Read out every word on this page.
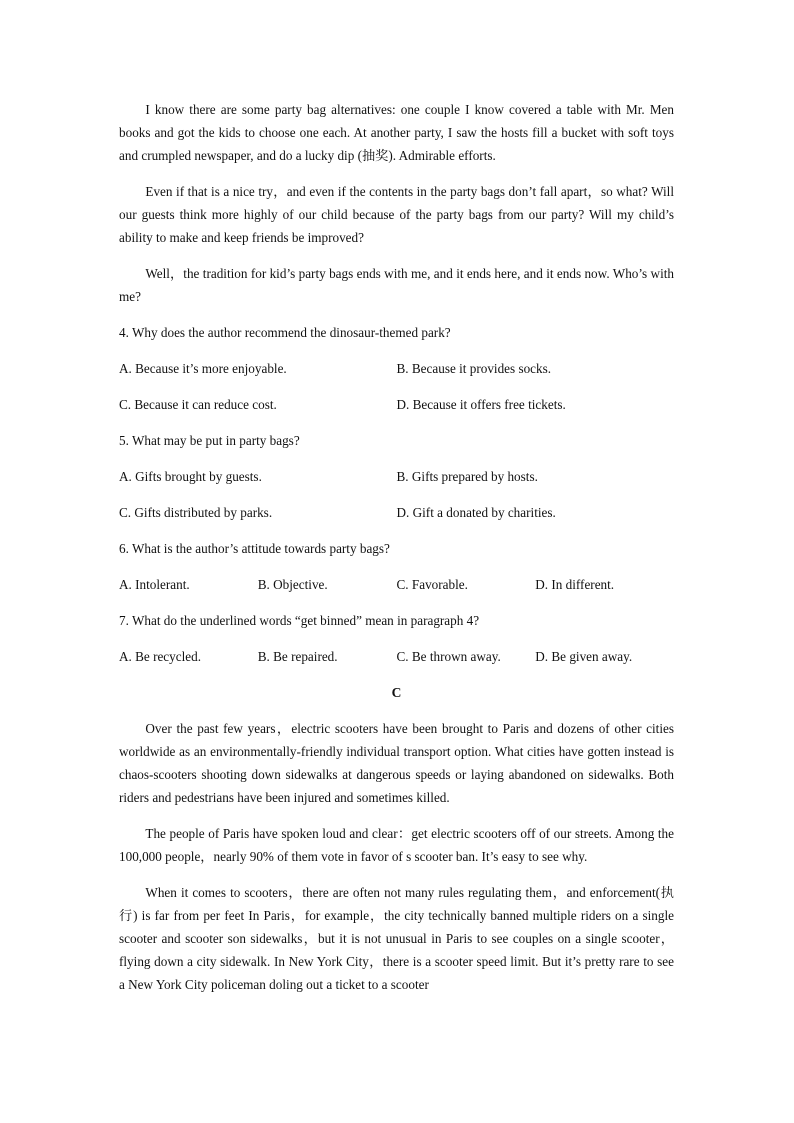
I know there are some party bag alternatives: one couple I know covered a table with Mr. Men books and got the kids to choose one each. At another party, I saw the hosts fill a bucket with soft toys and crumpled newspaper, and do a lucky dip (抽奖). Admirable efforts.

Even if that is a nice try，and even if the contents in the party bags don’t fall apart，so what? Will our guests think more highly of our child because of the party bags from our party? Will my child’s ability to make and keep friends be improved?

Well，the tradition for kid’s party bags ends with me, and it ends here, and it ends now. Who’s with me?

4. Why does the author recommend the dinosaur-themed park?
A. Because it’s more enjoyable.	B. Because it provides socks.
C. Because it can reduce cost.	D. Because it offers free tickets.
5. What may be put in party bags?
A. Gifts brought by guests.	B. Gifts prepared by hosts.
C. Gifts distributed by parks.	D. Gift a donated by charities.
6. What is the author’s attitude towards party bags?
A. Intolerant.	B. Objective.	C. Favorable.	D. In different.
7. What do the underlined words “get binned” mean in paragraph 4?
A. Be recycled.	B. Be repaired.	C. Be thrown away.	D. Be given away.
C

Over the past few years，electric scooters have been brought to Paris and dozens of other cities worldwide as an environmentally-friendly individual transport option. What cities have gotten instead is chaos-scooters shooting down sidewalks at dangerous speeds or laying abandoned on sidewalks. Both riders and pedestrians have been injured and sometimes killed.

The people of Paris have spoken loud and clear：get electric scooters off of our streets. Among the 100,000 people，nearly 90% of them vote in favor of s scooter ban. It’s easy to see why.

When it comes to scooters，there are often not many rules regulating them，and enforcement(执行) is far from per feet In Paris，for example，the city technically banned multiple riders on a single scooter and scooter son sidewalks，but it is not unusual in Paris to see couples on a single scooter，flying down a city sidewalk. In New York City，there is a scooter speed limit. But it’s pretty rare to see a New York City policeman doling out a ticket to a scooter
